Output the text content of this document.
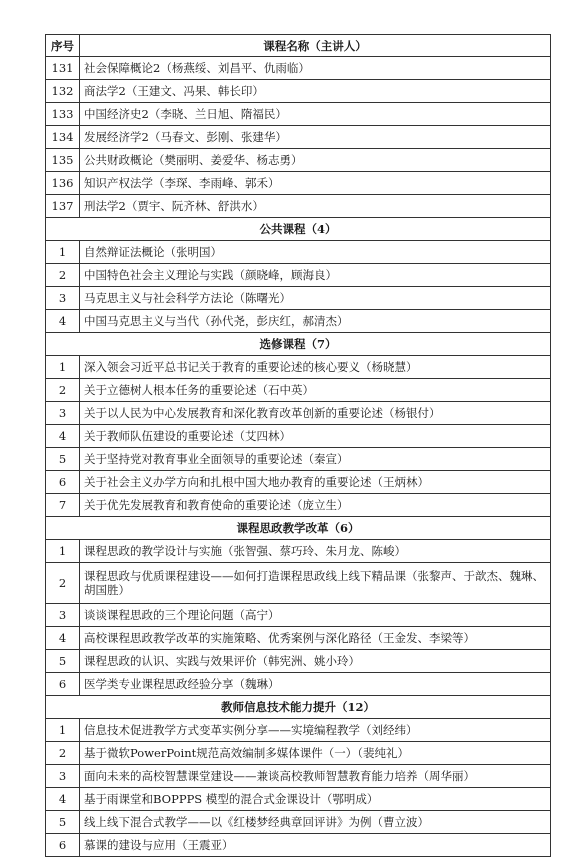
序号	课程名称（主讲人）
131	社会保障概论2（杨燕绥、刘昌平、仇雨临）
132	商法学2（王建文、冯果、韩长印）
133	中国经济史2（李晓、兰日旭、隋福民）
134	发展经济学2（马春文、彭刚、张建华）
135	公共财政概论（樊丽明、姜爱华、杨志勇）
136	知识产权法学（李琛、李雨峰、郭禾）
137	刑法学2（贾宇、阮齐林、舒洪水）
公共课程（4）	
1	自然辩证法概论（张明国）
2	中国特色社会主义理论与实践（颜晓峰，顾海良）
3	马克思主义与社会科学方法论（陈曙光）
4	中国马克思主义与当代（孙代尧，彭庆红，郝清杰）
选修课程（7）	
1	深入领会习近平总书记关于教育的重要论述的核心要义（杨晓慧）
2	关于立德树人根本任务的重要论述（石中英）
3	关于以人民为中心发展教育和深化教育改革创新的重要论述（杨银付）
4	关于教师队伍建设的重要论述（艾四林）
5	关于坚持党对教育事业全面领导的重要论述（秦宣）
6	关于社会主义办学方向和扎根中国大地办教育的重要论述（王炳林）
7	关于优先发展教育和教育使命的重要论述（庞立生）
课程思政教学改革（6）	
1	课程思政的教学设计与实施（张智强、蔡巧玲、朱月龙、陈峻）
2	课程思政与优质课程建设——如何打造课程思政线上线下精品课（张黎声、于歆杰、魏琳、胡国胜）
3	谈谈课程思政的三个理论问题（高宁）
4	高校课程思政教学改革的实施策略、优秀案例与深化路径（王金发、李梁等）
5	课程思政的认识、实践与效果评价（韩宪洲、姚小玲）
6	医学类专业课程思政经验分享（魏琳）
教师信息技术能力提升（12）	
1	信息技术促进教学方式变革实例分享——实境编程教学（刘经纬）
2	基于微软PowerPoint规范高效编制多媒体课件（一）（裴纯礼）
3	面向未来的高校智慧课堂建设——兼谈高校教师智慧教育能力培养（周华丽）
4	基于雨课堂和BOPPPS 模型的混合式金课设计（鄂明成）
5	线上线下混合式教学——以《红楼梦经典章回评讲》为例（曹立波）
6	慕课的建设与应用（王震亚）
